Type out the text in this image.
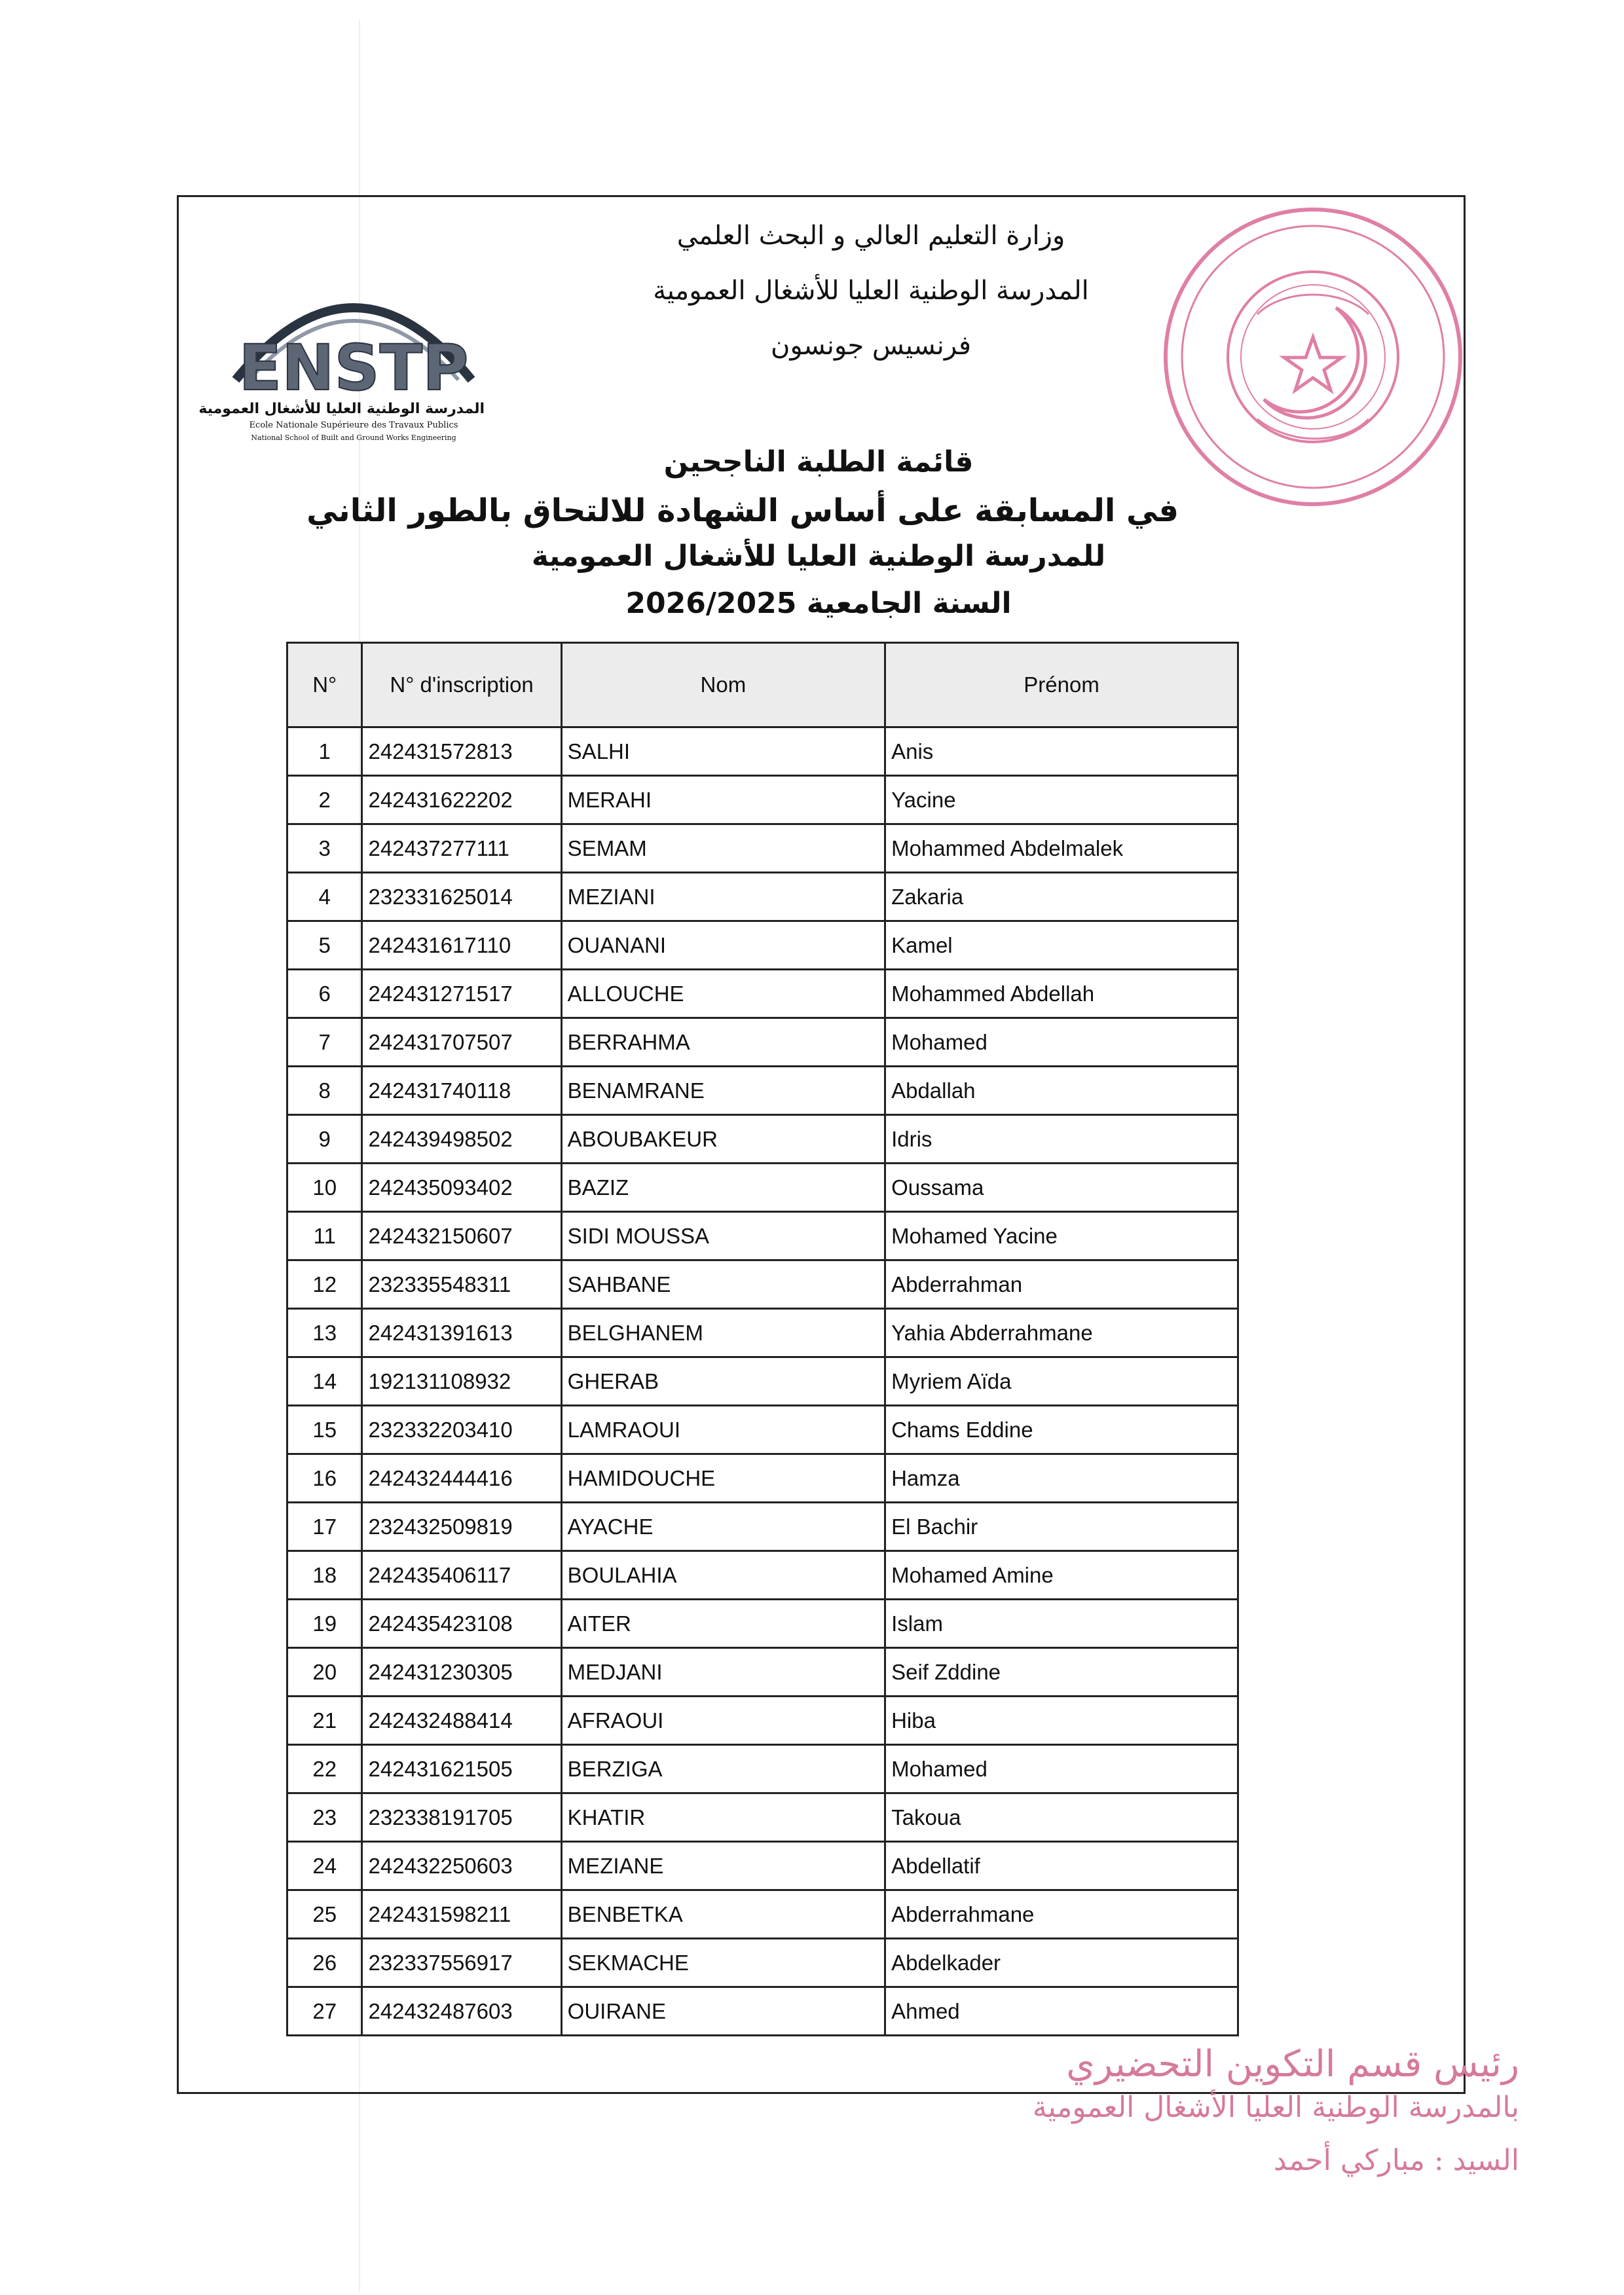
وزارة التعليم العالي و البحث العلمي
المدرسة الوطنية العليا للأشغال العمومية
فرنسيس جونسون
ENSTP
المدرسة الوطنية العليا للأشغال العمومية
Ecole Nationale Supérieure des Travaux Publics
National School of Built and Ground Works Engineering
قائمة الطلبة الناجحين
في المسابقة على أساس الشهادة للالتحاق بالطور الثاني
للمدرسة الوطنية العليا للأشغال العمومية
السنة الجامعية 2026/2025
N°	N° d'inscription	Nom	Prénom
1	242431572813	SALHI	Anis
2	242431622202	MERAHI	Yacine
3	242437277111	SEMAM	Mohammed Abdelmalek
4	232331625014	MEZIANI	Zakaria
5	242431617110	OUANANI	Kamel
6	242431271517	ALLOUCHE	Mohammed Abdellah
7	242431707507	BERRAHMA	Mohamed
8	242431740118	BENAMRANE	Abdallah
9	242439498502	ABOUBAKEUR	Idris
10	242435093402	BAZIZ	Oussama
11	242432150607	SIDI MOUSSA	Mohamed Yacine
12	232335548311	SAHBANE	Abderrahman
13	242431391613	BELGHANEM	Yahia Abderrahmane
14	192131108932	GHERAB	Myriem Aïda
15	232332203410	LAMRAOUI	Chams Eddine
16	242432444416	HAMIDOUCHE	Hamza
17	232432509819	AYACHE	El Bachir
18	242435406117	BOULAHIA	Mohamed Amine
19	242435423108	AITER	Islam
20	242431230305	MEDJANI	Seif Zddine
21	242432488414	AFRAOUI	Hiba
22	242431621505	BERZIGA	Mohamed
23	232338191705	KHATIR	Takoua
24	242432250603	MEZIANE	Abdellatif
25	242431598211	BENBETKA	Abderrahmane
26	232337556917	SEKMACHE	Abdelkader
27	242432487603	OUIRANE	Ahmed
رئيس قسم التكوين التحضيري
بالمدرسة الوطنية العليا الأشغال العمومية
السيد : مباركي أحمد
